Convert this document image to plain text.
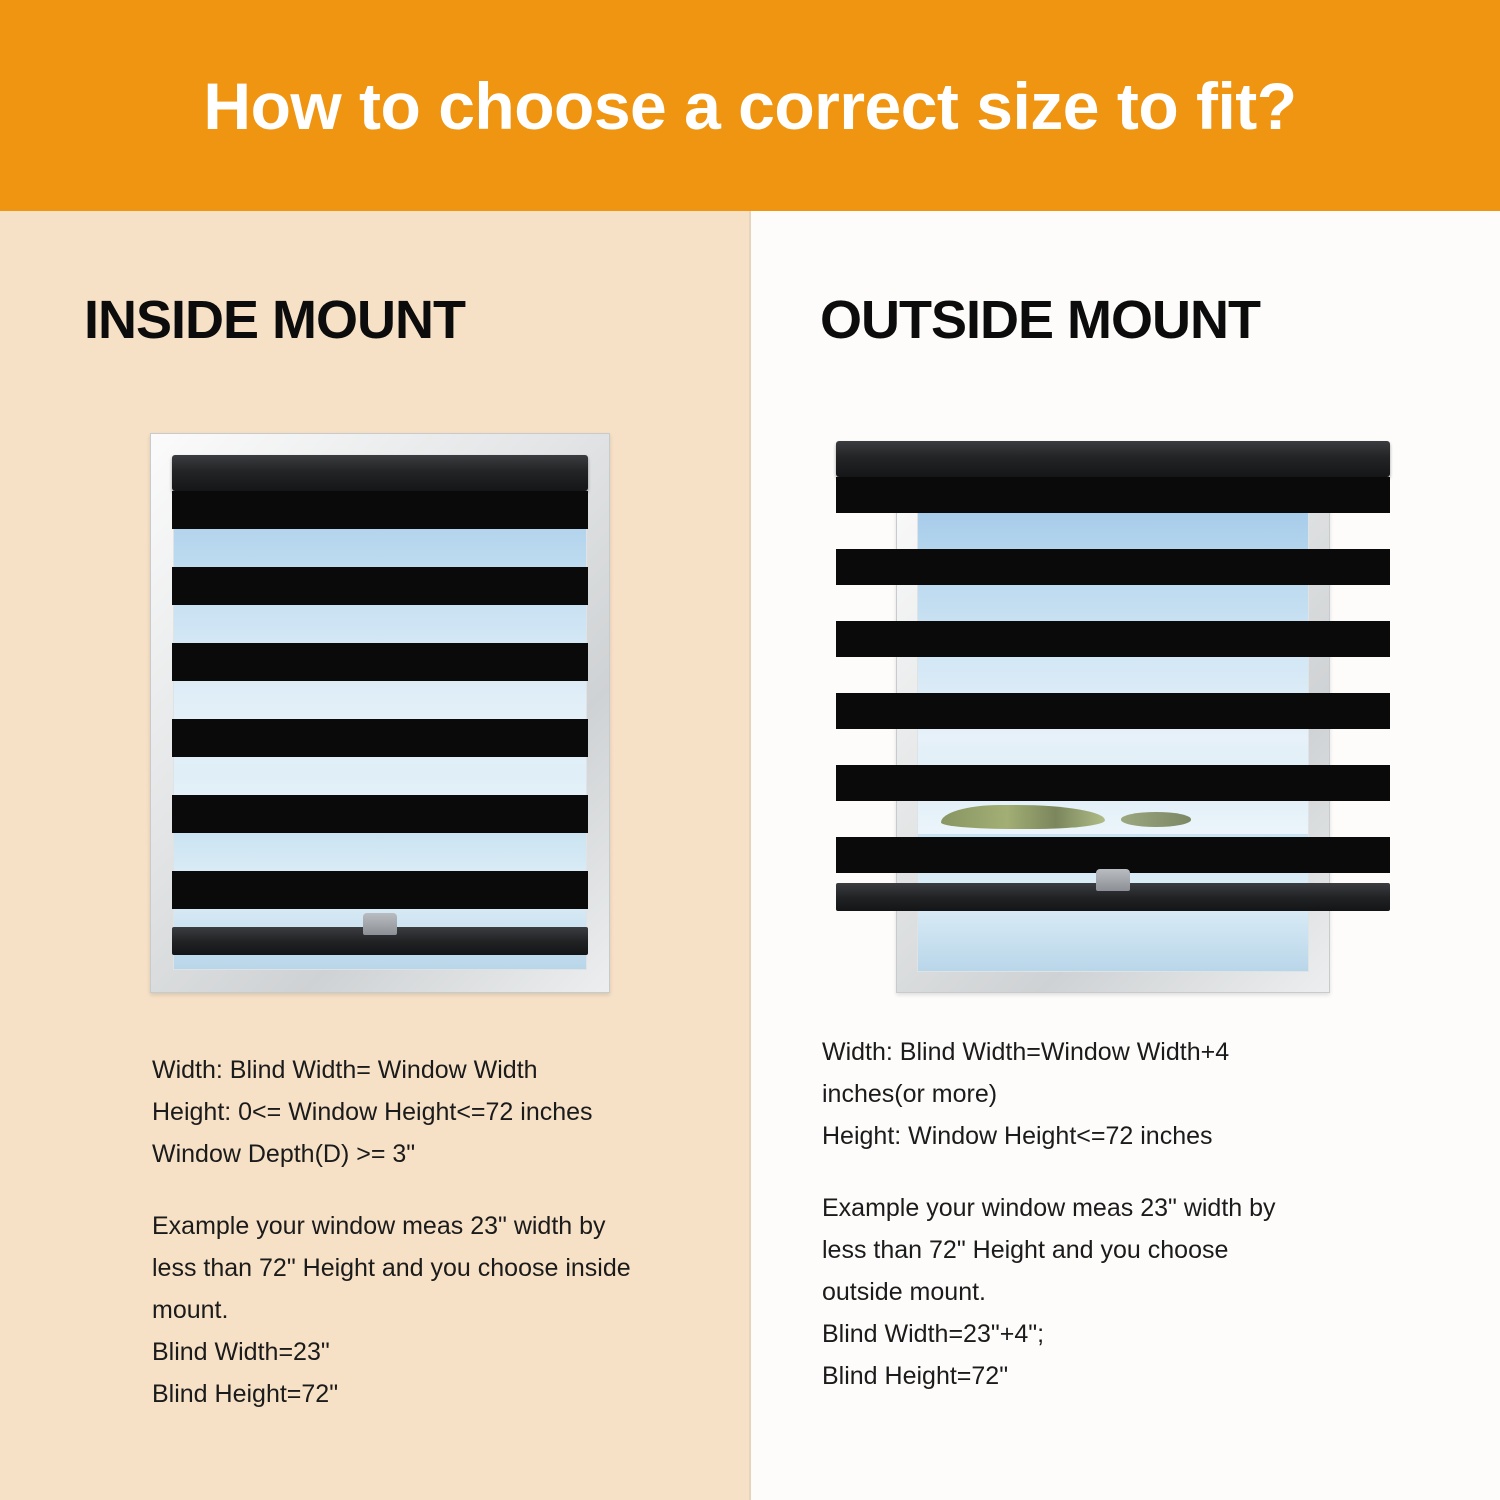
How to choose a correct size to fit?
INSIDE MOUNT

Width: Blind Width= Window Width

Height: 0<= Window Height<=72 inches

Window Depth(D) >= 3"

Example your window meas 23" width by

less than 72" Height and you choose inside

mount.

Blind Width=23"

Blind Height=72"

OUTSIDE MOUNT

Width: Blind Width=Window Width+4

inches(or more)

Height: Window Height<=72 inches

Example your window meas 23" width by

less than 72" Height and you choose

outside mount.

Blind Width=23"+4";

Blind Height=72"
